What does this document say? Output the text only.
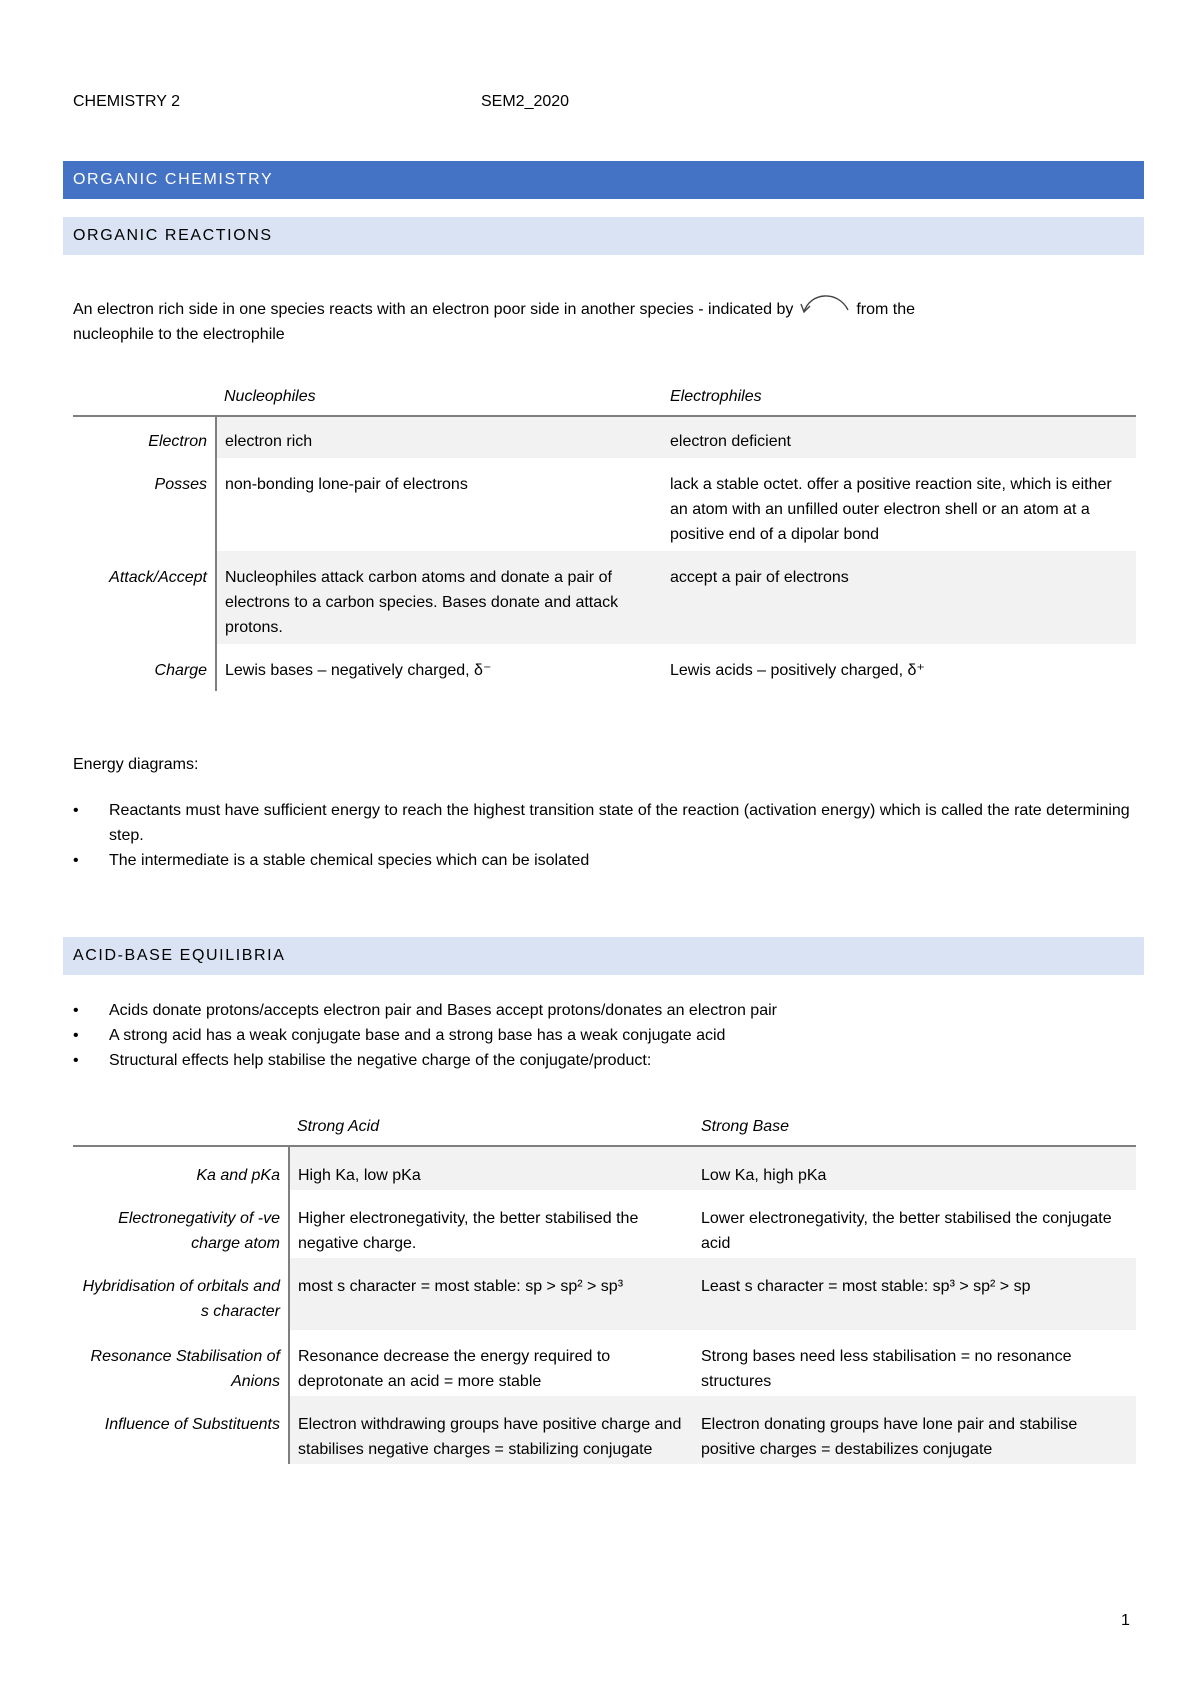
CHEMISTRY 2	SEM2_2020
ORGANIC CHEMISTRY
ORGANIC REACTIONS
An electron rich side in one species reacts with an electron poor side in another species - indicated by	from the
nucleophile to the electrophile
	Nucleophiles	Electrophiles
Electron	electron rich	electron deficient
Posses	non-bonding lone-pair of electrons	lack a stable octet. offer a positive reaction site, which is either an atom with an unfilled outer electron shell or an atom at a positive end of a dipolar bond
Attack/Accept	Nucleophiles attack carbon atoms and donate a pair of electrons to a carbon species. Bases donate and attack protons.	accept a pair of electrons
Charge	Lewis bases – negatively charged, δ⁻	Lewis acids – positively charged, δ⁺
Energy diagrams:
•	Reactants must have sufficient energy to reach the highest transition state of the reaction (activation energy) which is called the rate determining step.
•	The intermediate is a stable chemical species which can be isolated
ACID-BASE EQUILIBRIA
•	Acids donate protons/accepts electron pair and Bases accept protons/donates an electron pair
•	A strong acid has a weak conjugate base and a strong base has a weak conjugate acid
•	Structural effects help stabilise the negative charge of the conjugate/product:
	Strong Acid	Strong Base
Ka and pKa	High Ka, low pKa	Low Ka, high pKa
Electronegativity of -ve charge atom	Higher electronegativity, the better stabilised the negative charge.	Lower electronegativity, the better stabilised the conjugate acid
Hybridisation of orbitals and s character	most s character = most stable: sp > sp² > sp³	Least s character = most stable: sp³ > sp² > sp
Resonance Stabilisation of Anions	Resonance decrease the energy required to deprotonate an acid = more stable	Strong bases need less stabilisation = no resonance structures
Influence of Substituents	Electron withdrawing groups have positive charge and stabilises negative charges = stabilizing conjugate	Electron donating groups have lone pair and stabilise positive charges = destabilizes conjugate
1
